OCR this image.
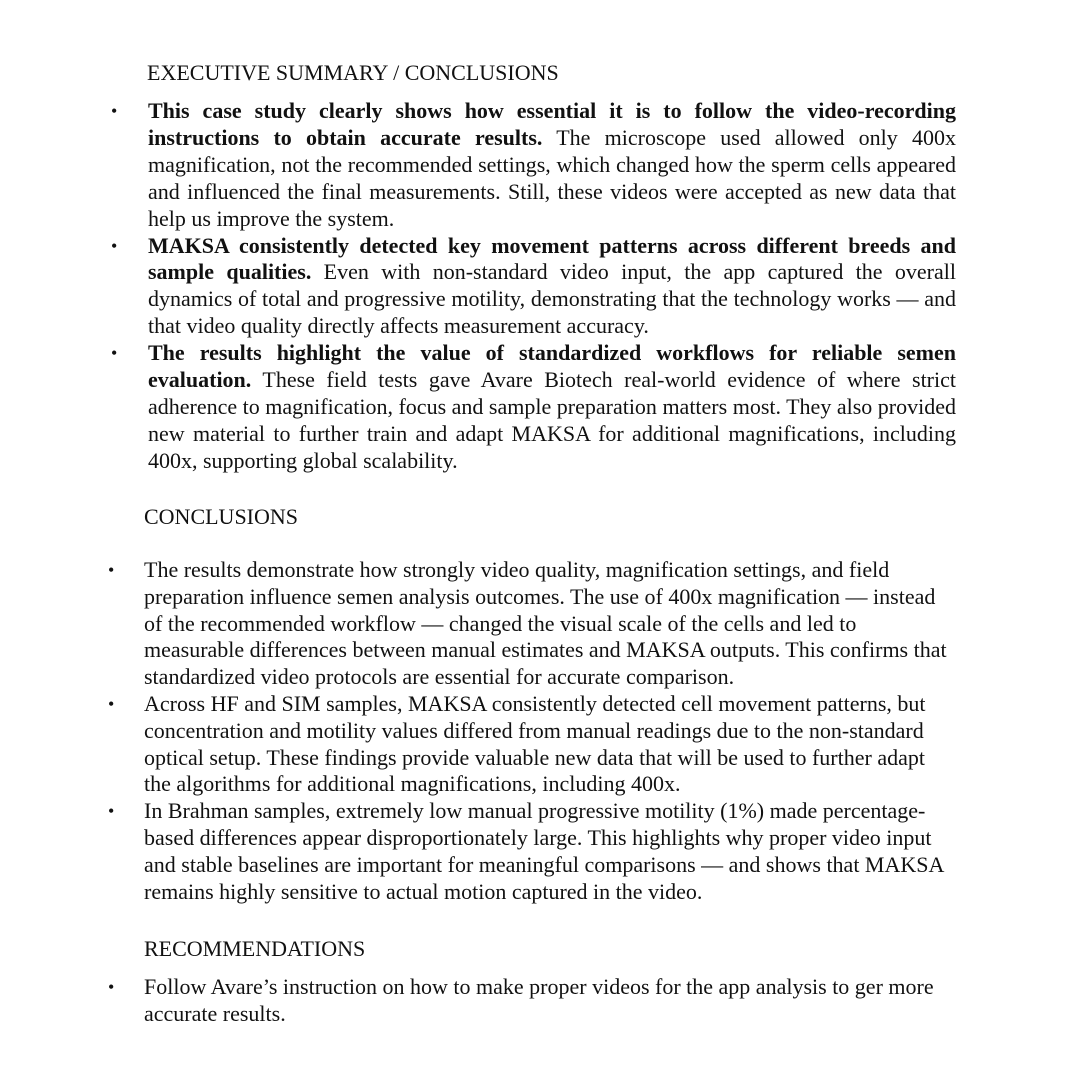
EXECUTIVE SUMMARY / CONCLUSIONS
• This case study clearly shows how essential it is to follow the video-recording instructions to obtain accurate results. The microscope used allowed only 400x magnification, not the recommended settings, which changed how the sperm cells appeared and influenced the final measurements. Still, these videos were accepted as new data that help us improve the system.
• MAKSA consistently detected key movement patterns across different breeds and sample qualities. Even with non-standard video input, the app captured the overall dynamics of total and progressive motility, demonstrating that the technology works — and that video quality directly affects measurement accuracy.
• The results highlight the value of standardized workflows for reliable semen evaluation. These field tests gave Avare Biotech real-world evidence of where strict adherence to magnification, focus and sample preparation matters most. They also provided new material to further train and adapt MAKSA for additional magnifications, including 400x, supporting global scalability.
CONCLUSIONS
• The results demonstrate how strongly video quality, magnification settings, and field preparation influence semen analysis outcomes. The use of 400x magnification — instead of the recommended workflow — changed the visual scale of the cells and led to measurable differences between manual estimates and MAKSA outputs. This confirms that standardized video protocols are essential for accurate comparison.
• Across HF and SIM samples, MAKSA consistently detected cell movement patterns, but concentration and motility values differed from manual readings due to the non-standard optical setup. These findings provide valuable new data that will be used to further adapt the algorithms for additional magnifications, including 400x.
• In Brahman samples, extremely low manual progressive motility (1%) made percentage-based differences appear disproportionately large. This highlights why proper video input and stable baselines are important for meaningful comparisons — and shows that MAKSA remains highly sensitive to actual motion captured in the video.
RECOMMENDATIONS
• Follow Avare’s instruction on how to make proper videos for the app analysis to ger more accurate results.
